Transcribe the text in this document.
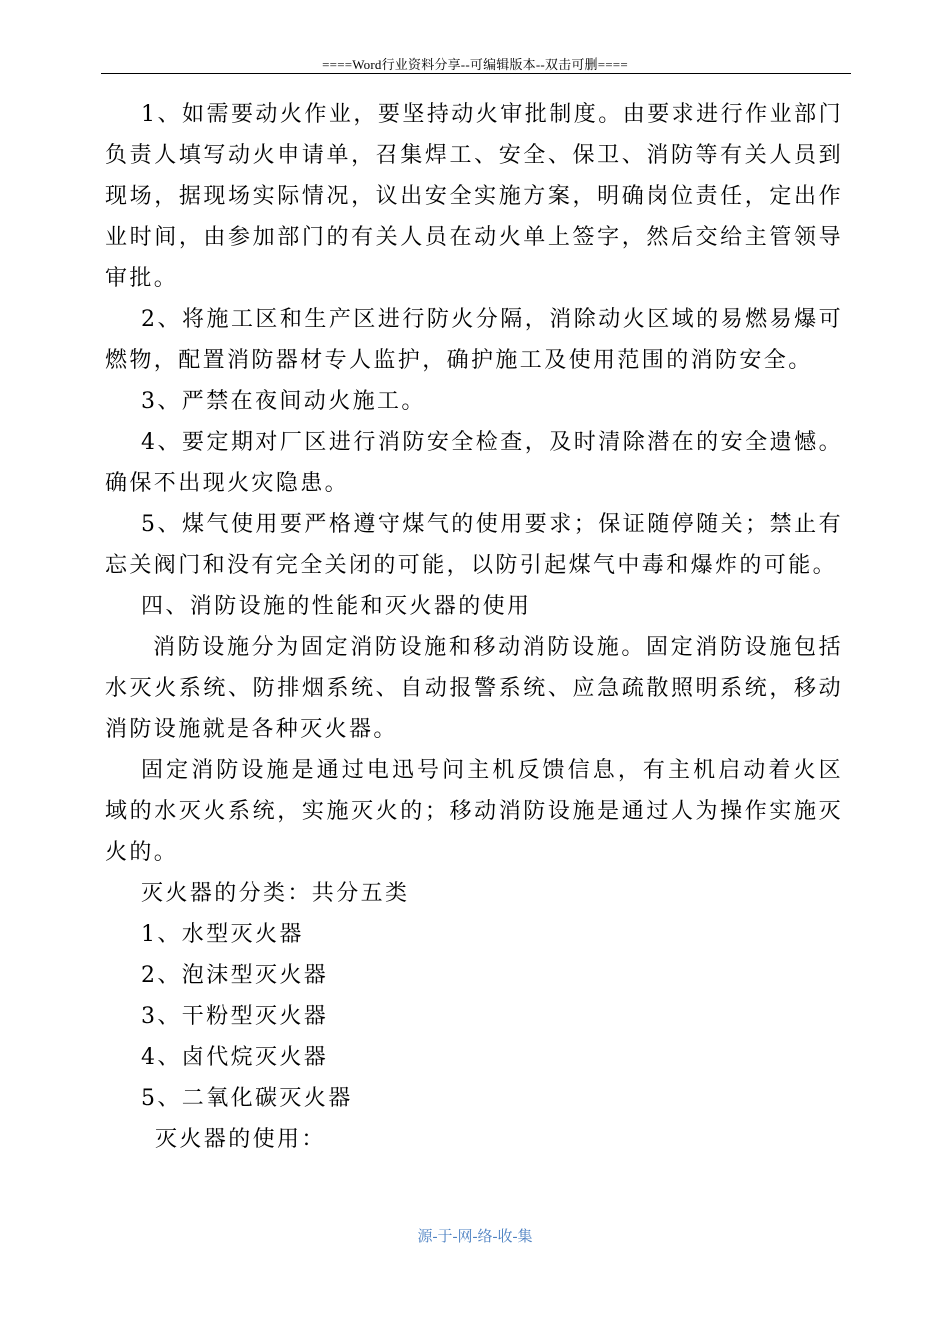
====Word行业资料分享--可编辑版本--双击可删====

1、如需要动火作业，要坚持动火审批制度。由要求进行作业部门负责人填写动火申请单，召集焊工、安全、保卫、消防等有关人员到现场，据现场实际情况，议出安全实施方案，明确岗位责任，定出作业时间，由参加部门的有关人员在动火单上签字，然后交给主管领导审批。

2、将施工区和生产区进行防火分隔，消除动火区域的易燃易爆可燃物，配置消防器材专人监护，确护施工及使用范围的消防安全。

3、严禁在夜间动火施工。

4、要定期对厂区进行消防安全检查，及时清除潜在的安全遗憾。确保不出现火灾隐患。

5、煤气使用要严格遵守煤气的使用要求；保证随停随关；禁止有忘关阀门和没有完全关闭的可能，以防引起煤气中毒和爆炸的可能。

四、消防设施的性能和灭火器的使用

消防设施分为固定消防设施和移动消防设施。固定消防设施包括水灭火系统、防排烟系统、自动报警系统、应急疏散照明系统，移动消防设施就是各种灭火器。

固定消防设施是通过电迅号问主机反馈信息，有主机启动着火区域的水灭火系统，实施灭火的；移动消防设施是通过人为操作实施灭火的。

灭火器的分类：共分五类

1、水型灭火器

2、泡沫型灭火器

3、干粉型灭火器

4、卤代烷灭火器

5、二氧化碳灭火器

灭火器的使用：

源-于-网-络-收-集
